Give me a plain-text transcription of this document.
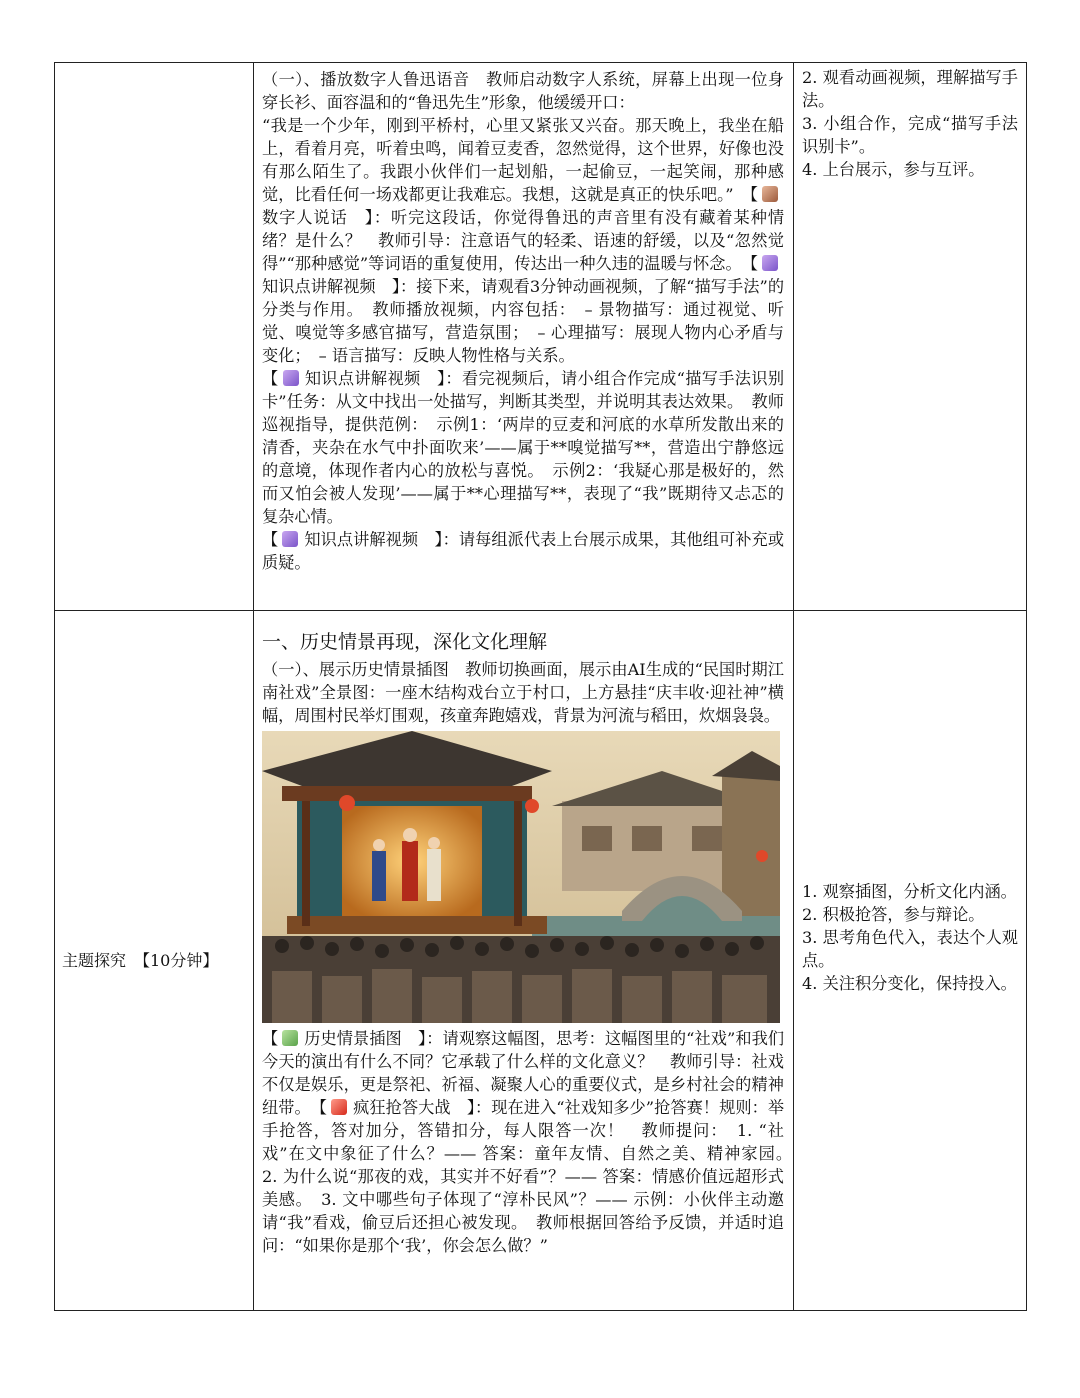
（一）、播放数字人鲁迅语音　教师启动数字人系统，屏幕上出现一位身穿长衫、面容温和的“鲁迅先生”形象，他缓缓开口：

“我是一个少年，刚到平桥村，心里又紧张又兴奋。那天晚上，我坐在船上，看着月亮，听着虫鸣，闻着豆麦香，忽然觉得，这个世界，好像也没有那么陌生了。我跟小伙伴们一起划船，一起偷豆，一起笑闹，那种感觉，比看任何一场戏都更让我难忘。我想，这就是真正的快乐吧。”　【数字人说话　 】：听完这段话，你觉得鲁迅的声音里有没有藏着某种情绪？是什么？　教师引导：注意语气的轻柔、语速的舒缓，以及“忽然觉得”“那种感觉”等词语的重复使用，传达出一种久违的温暖与怀念。　【知识点讲解视频　 】：接下来，请观看3分钟动画视频，了解“描写手法”的分类与作用。　教师播放视频，内容包括：　– 景物描写：通过视觉、听觉、嗅觉等多感官描写，营造氛围；　– 心理描写：展现人物内心矛盾与变化；　– 语言描写：反映人物性格与关系。

【 知识点讲解视频　 】：看完视频后，请小组合作完成“描写手法识别卡”任务：从文中找出一处描写，判断其类型，并说明其表达效果。　教师巡视指导，提供范例：　示例1：‘两岸的豆麦和河底的水草所发散出来的清香，夹杂在水气中扑面吹来’——属于**嗅觉描写**，营造出宁静悠远的意境，体现作者内心的放松与喜悦。　示例2：‘我疑心那是极好的，然而又怕会被人发现’——属于**心理描写**，表现了“我”既期待又忐忑的复杂心情。

【 知识点讲解视频　 】：请每组派代表上台展示成果，其他组可补充或质疑。

2. 观看动画视频，理解描写手法。

3. 小组合作，完成“描写手法识别卡”。

4. 上台展示，参与互评。

主题探究　【10分钟】

一、历史情景再现，深化文化理解

（一）、展示历史情景插图　教师切换画面，展示由AI生成的“民国时期江南社戏”全景图：一座木结构戏台立于村口，上方悬挂“庆丰收·迎社神”横幅，周围村民举灯围观，孩童奔跑嬉戏，背景为河流与稻田，炊烟袅袅。

【 历史情景插图　 】：请观察这幅图，思考：这幅图里的“社戏”和我们今天的演出有什么不同？它承载了什么样的文化意义？　教师引导：社戏不仅是娱乐，更是祭祀、祈福、凝聚人心的重要仪式，是乡村社会的精神纽带。　【 疯狂抢答大战　 】：现在进入“社戏知多少”抢答赛！规则：举手抢答，答对加分，答错扣分，每人限答一次！　教师提问：　1. “社戏”在文中象征了什么？—— 答案：童年友情、自然之美、精神家园。　2. 为什么说“那夜的戏，其实并不好看”？—— 答案：情感价值远超形式美感。　3. 文中哪些句子体现了“淳朴民风”？—— 示例：小伙伴主动邀请“我”看戏，偷豆后还担心被发现。　教师根据回答给予反馈，并适时追问：“如果你是那个‘我’，你会怎么做？”

1. 观察插图，分析文化内涵。

2. 积极抢答，参与辩论。

3. 思考角色代入，表达个人观点。

4. 关注积分变化，保持投入。
